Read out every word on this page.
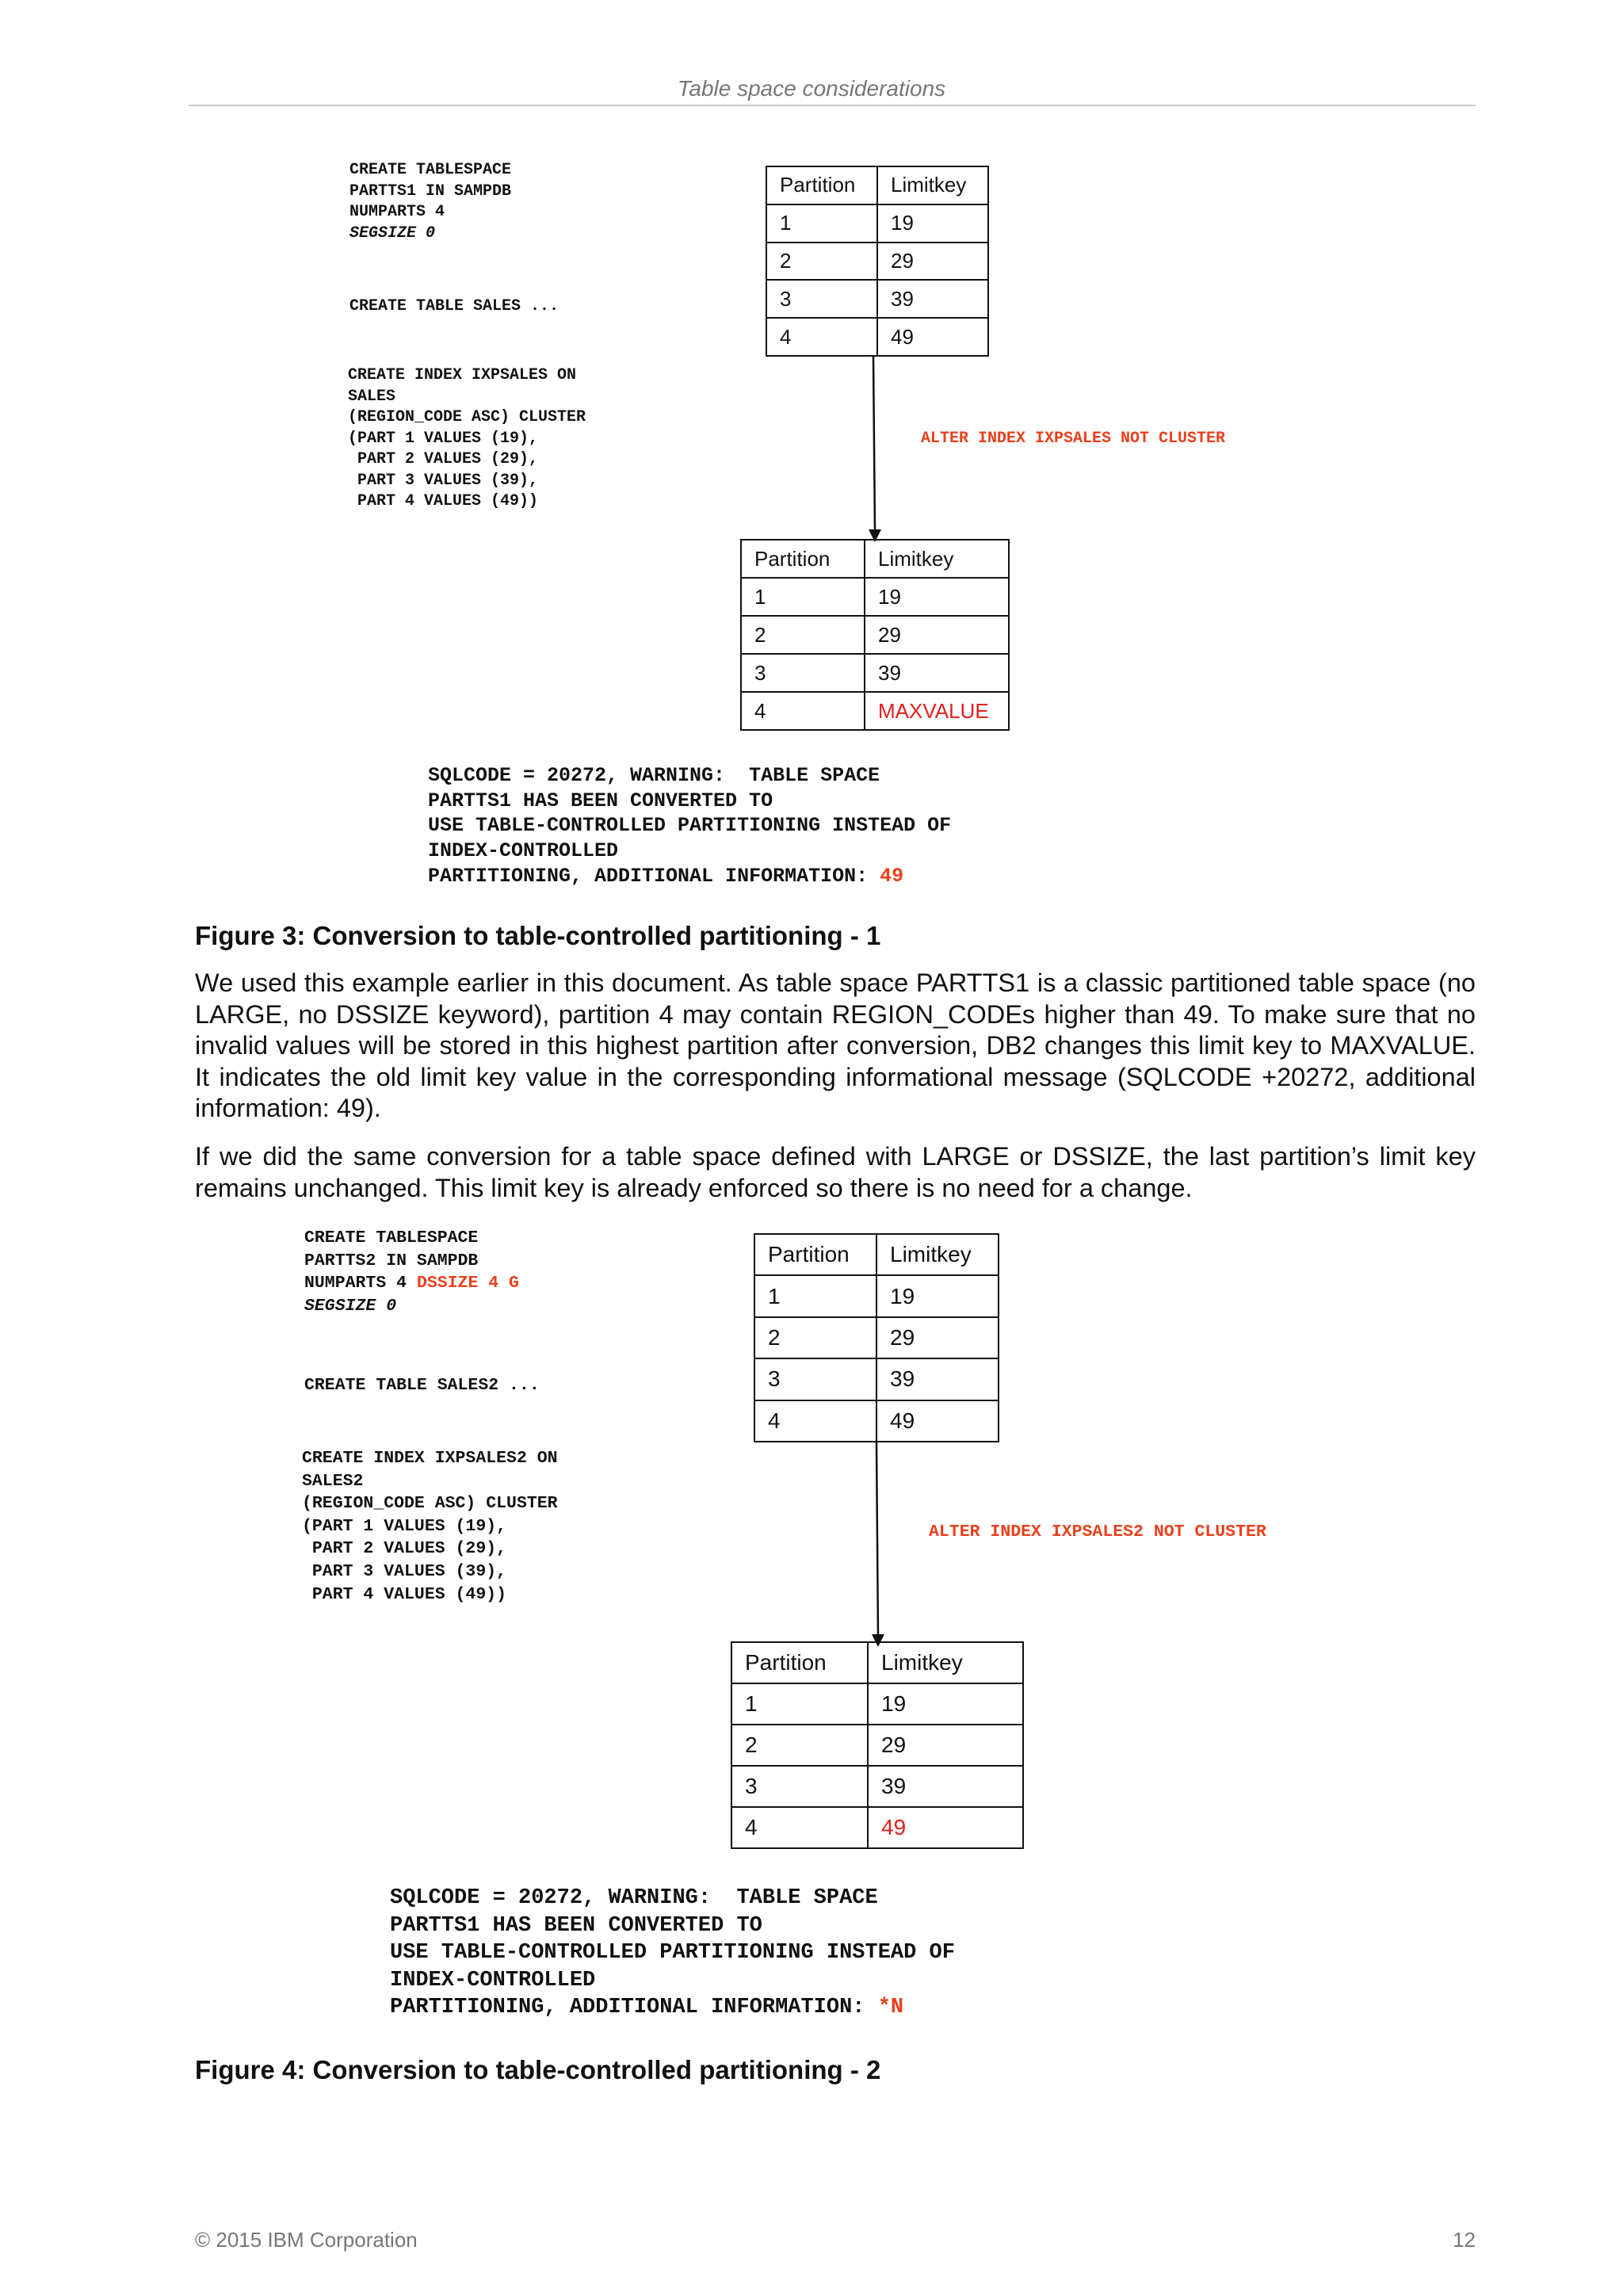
Table space considerations
CREATE TABLESPACE
PARTTS1 IN SAMPDB
NUMPARTS 4
SEGSIZE 0
CREATE TABLE SALES ...
CREATE INDEX IXPSALES ON
SALES
(REGION_CODE ASC) CLUSTER
(PART 1 VALUES (19),
PART 2 VALUES (29),
PART 3 VALUES (39),
PART 4 VALUES (49))
Partition	Limitkey
1	19
2	29
3	39
4	49
ALTER INDEX IXPSALES NOT CLUSTER
Partition	Limitkey
1	19
2	29
3	39
4	MAXVALUE
SQLCODE = 20272, WARNING:  TABLE SPACE
PARTTS1 HAS BEEN CONVERTED TO
USE TABLE-CONTROLLED PARTITIONING INSTEAD OF
INDEX-CONTROLLED
PARTITIONING, ADDITIONAL INFORMATION: 49
Figure 3: Conversion to table-controlled partitioning - 1
We used this example earlier in this document. As table space PARTTS1 is a classic partitioned table space (no LARGE, no DSSIZE keyword), partition 4 may contain REGION_CODEs higher than 49. To make sure that no invalid values will be stored in this highest partition after conversion, DB2 changes this limit key to MAXVALUE. It indicates the old limit key value in the corresponding informational message (SQLCODE +20272, additional information: 49).
If we did the same conversion for a table space defined with LARGE or DSSIZE, the last partition’s limit key remains unchanged. This limit key is already enforced so there is no need for a change.
CREATE TABLESPACE
PARTTS2 IN SAMPDB
NUMPARTS 4 DSSIZE 4 G
SEGSIZE 0
CREATE TABLE SALES2 ...
CREATE INDEX IXPSALES2 ON
SALES2
(REGION_CODE ASC) CLUSTER
(PART 1 VALUES (19),
PART 2 VALUES (29),
PART 3 VALUES (39),
PART 4 VALUES (49))
Partition	Limitkey
1	19
2	29
3	39
4	49
ALTER INDEX IXPSALES2 NOT CLUSTER
Partition	Limitkey
1	19
2	29
3	39
4	49
SQLCODE = 20272, WARNING:  TABLE SPACE
PARTTS1 HAS BEEN CONVERTED TO
USE TABLE-CONTROLLED PARTITIONING INSTEAD OF
INDEX-CONTROLLED
PARTITIONING, ADDITIONAL INFORMATION: *N
Figure 4: Conversion to table-controlled partitioning - 2
© 2015 IBM Corporation	12
